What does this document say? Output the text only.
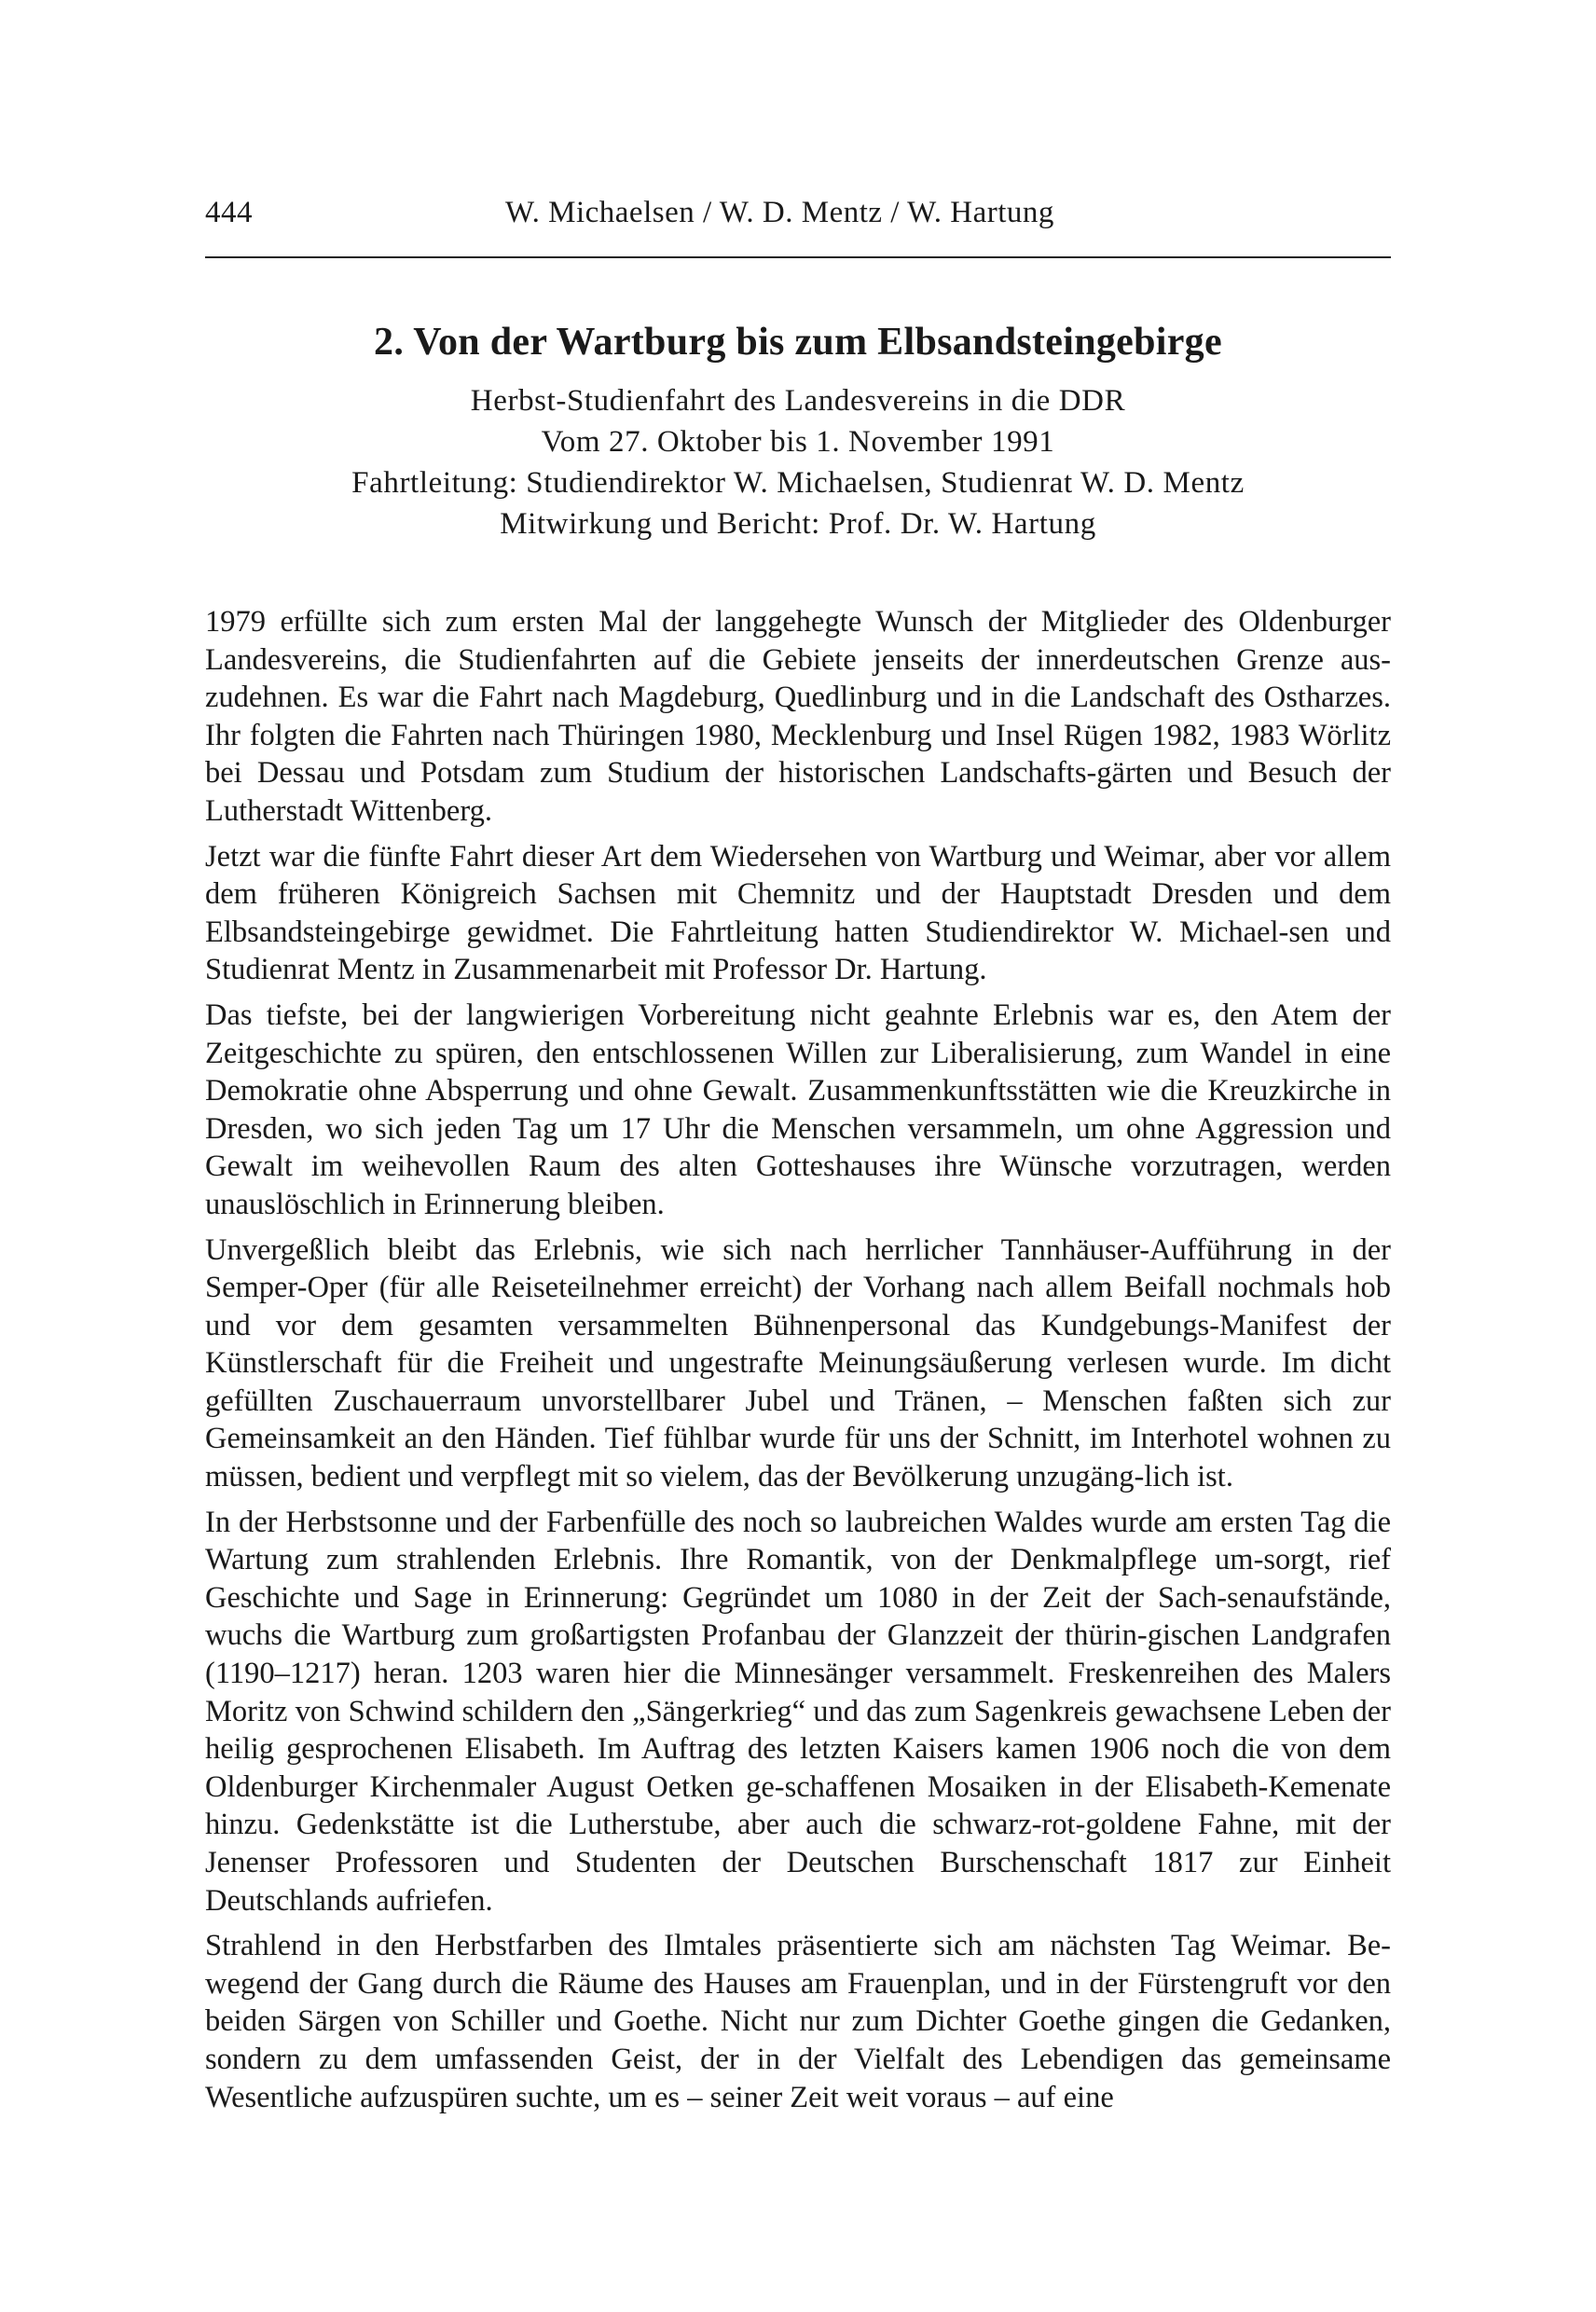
444	W. Michaelsen / W. D. Mentz / W. Hartung
2. Von der Wartburg bis zum Elbsandsteingebirge

Herbst-Studienfahrt des Landesvereins in die DDR

Vom 27. Oktober bis 1. November 1991

Fahrtleitung: Studiendirektor W. Michaelsen, Studienrat W. D. Mentz

Mitwirkung und Bericht: Prof. Dr. W. Hartung

1979 erfüllte sich zum ersten Mal der langgehegte Wunsch der Mitglieder des Oldenburger Landesvereins, die Studienfahrten auf die Gebiete jenseits der innerdeutschen Grenze aus-zudehnen. Es war die Fahrt nach Magdeburg, Quedlinburg und in die Landschaft des Ostharzes. Ihr folgten die Fahrten nach Thüringen 1980, Mecklenburg und Insel Rügen 1982, 1983 Wörlitz bei Dessau und Potsdam zum Studium der historischen Landschafts-gärten und Besuch der Lutherstadt Wittenberg.

Jetzt war die fünfte Fahrt dieser Art dem Wiedersehen von Wartburg und Weimar, aber vor allem dem früheren Königreich Sachsen mit Chemnitz und der Hauptstadt Dresden und dem Elbsandsteingebirge gewidmet. Die Fahrtleitung hatten Studiendirektor W. Michael-sen und Studienrat Mentz in Zusammenarbeit mit Professor Dr. Hartung.

Das tiefste, bei der langwierigen Vorbereitung nicht geahnte Erlebnis war es, den Atem der Zeitgeschichte zu spüren, den entschlossenen Willen zur Liberalisierung, zum Wandel in eine Demokratie ohne Absperrung und ohne Gewalt. Zusammenkunftsstätten wie die Kreuzkirche in Dresden, wo sich jeden Tag um 17 Uhr die Menschen versammeln, um ohne Aggression und Gewalt im weihevollen Raum des alten Gotteshauses ihre Wünsche vorzutragen, werden unauslöschlich in Erinnerung bleiben.

Unvergeßlich bleibt das Erlebnis, wie sich nach herrlicher Tannhäuser-Aufführung in der Semper-Oper (für alle Reiseteilnehmer erreicht) der Vorhang nach allem Beifall nochmals hob und vor dem gesamten versammelten Bühnenpersonal das Kundgebungs-Manifest der Künstlerschaft für die Freiheit und ungestrafte Meinungsäußerung verlesen wurde. Im dicht gefüllten Zuschauerraum unvorstellbarer Jubel und Tränen, – Menschen faßten sich zur Gemeinsamkeit an den Händen. Tief fühlbar wurde für uns der Schnitt, im Interhotel wohnen zu müssen, bedient und verpflegt mit so vielem, das der Bevölkerung unzugäng-lich ist.

In der Herbstsonne und der Farbenfülle des noch so laubreichen Waldes wurde am ersten Tag die Wartung zum strahlenden Erlebnis. Ihre Romantik, von der Denkmalpflege um-sorgt, rief Geschichte und Sage in Erinnerung: Gegründet um 1080 in der Zeit der Sach-senaufstände, wuchs die Wartburg zum großartigsten Profanbau der Glanzzeit der thürin-gischen Landgrafen (1190–1217) heran. 1203 waren hier die Minnesänger versammelt. Freskenreihen des Malers Moritz von Schwind schildern den „Sängerkrieg“ und das zum Sagenkreis gewachsene Leben der heilig gesprochenen Elisabeth. Im Auftrag des letzten Kaisers kamen 1906 noch die von dem Oldenburger Kirchenmaler August Oetken ge-schaffenen Mosaiken in der Elisabeth-Kemenate hinzu. Gedenkstätte ist die Lutherstube, aber auch die schwarz-rot-goldene Fahne, mit der Jenenser Professoren und Studenten der Deutschen Burschenschaft 1817 zur Einheit Deutschlands aufriefen.

Strahlend in den Herbstfarben des Ilmtales präsentierte sich am nächsten Tag Weimar. Be-wegend der Gang durch die Räume des Hauses am Frauenplan, und in der Fürstengruft vor den beiden Särgen von Schiller und Goethe. Nicht nur zum Dichter Goethe gingen die Gedanken, sondern zu dem umfassenden Geist, der in der Vielfalt des Lebendigen das gemeinsame Wesentliche aufzuspüren suchte, um es – seiner Zeit weit voraus – auf eine
